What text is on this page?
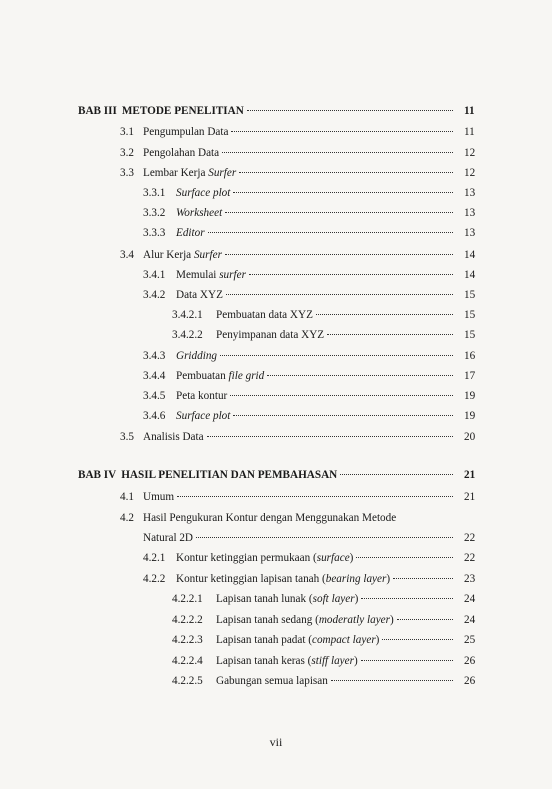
BAB III METODE PENELITIAN	11
3.1 Pengumpulan Data	11
3.2 Pengolahan Data	12
3.3 Lembar Kerja Surfer	12
3.3.1 Surface plot	13
3.3.2 Worksheet	13
3.3.3 Editor	13
3.4 Alur Kerja Surfer	14
3.4.1 Memulai surfer	14
3.4.2 Data XYZ	15
3.4.2.1	Pembuatan data XYZ	15
3.4.2.2	Penyimpanan data XYZ	15
3.4.3 Gridding	16
3.4.4 Pembuatan file grid	17
3.4.5 Peta kontur	19
3.4.6 Surface plot	19
3.5 Analisis Data	20
BAB IV HASIL PENELITIAN DAN PEMBAHASAN	21
4.1 Umum	21
4.2 Hasil Pengukuran Kontur dengan Menggunakan Metode
Natural 2D	22
4.2.1 Kontur ketinggian permukaan (surface)	22
4.2.2 Kontur ketinggian lapisan tanah (bearing layer)	23
4.2.2.1	Lapisan tanah lunak (soft layer)	24
4.2.2.2	Lapisan tanah sedang (moderatly layer)	24
4.2.2.3	Lapisan tanah padat (compact layer)	25
4.2.2.4	Lapisan tanah keras (stiff layer)	26
4.2.2.5	Gabungan semua lapisan	26
vii
